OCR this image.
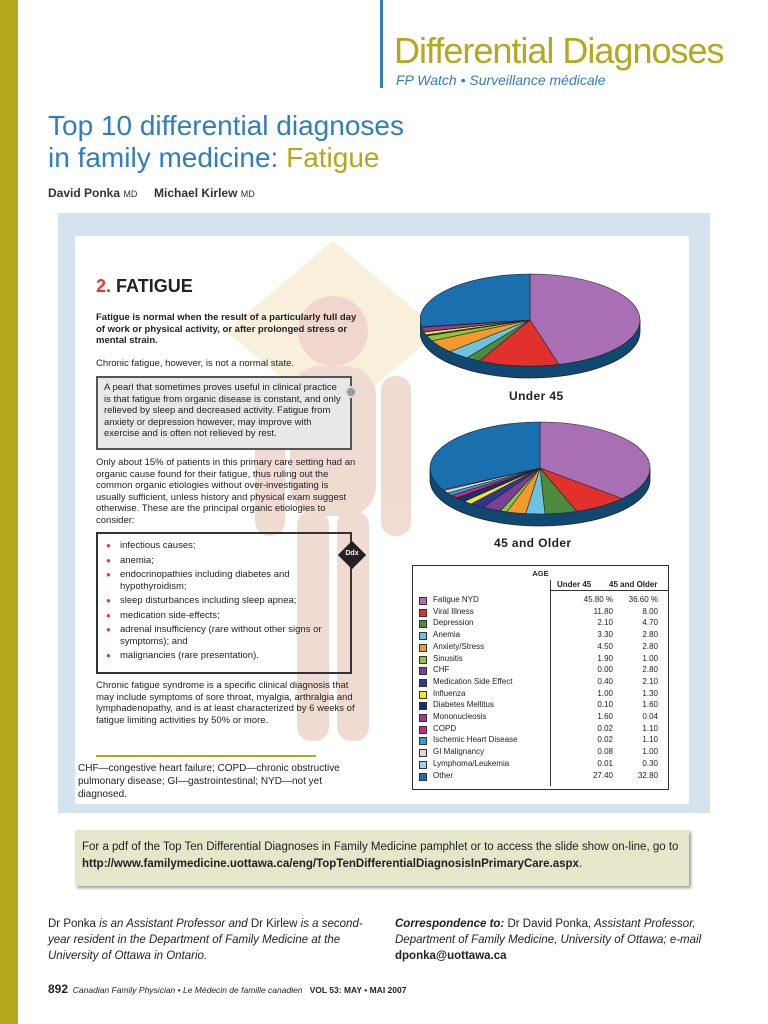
Differential Diagnoses
FP Watch • Surveillance médicale
Top 10 differential diagnoses
in family medicine: Fatigue
David Ponka MD Michael Kirlew MD
2. FATIGUE
Fatigue is normal when the result of a particularly full day of work or physical activity, or after prolonged stress or mental strain.
Chronic fatigue, however, is not a normal state.
A pearl that sometimes proves useful in clinical practice is that fatigue from organic disease is constant, and only relieved by sleep and decreased activity. Fatigue from anxiety or depression however, may improve with exercise and is often not relieved by rest.
Only about 15% of patients in this primary care setting had an organic cause found for their fatigue, thus ruling out the common organic etiologies without over-investigating is usually sufficient, unless history and physical exam suggest otherwise. These are the principal organic etiologies to consider:
● infectious causes;
● anemia;
● endocrinopathies including diabetes and hypothyroidism;
● sleep disturbances including sleep apnea;
● medication side-effects;
● adrenal insufficiency (rare without other signs or symptoms); and
● malignancies (rare presentation).
Ddx
Chronic fatigue syndrome is a specific clinical diagnosis that may include symptoms of sore throat, myalgia, arthralgia and lymphadenopathy, and is at least characterized by 6 weeks of fatigue limiting activities by 50% or more.
CHF—congestive heart failure; COPD—chronic obstructive pulmonary disease; GI—gastrointestinal; NYD—not yet diagnosed.
Under 45
45 and Older
AGE
Under 45 45 and Older
Fatigue NYD	45.80 %	36.60 %
Viral Illness	11.80	8.00
Depression	2.10	4.70
Anemia	3.30	2.80
Anxiety/Stress	4.50	2.80
Sinusitis	1.90	1.00
CHF	0.00	2.80
Medication Side Effect	0.40	2.10
Influenza	1.00	1.30
Diabetes Mellitus	0.10	1.60
Mononucleosis	1.60	0.04
COPD	0.02	1.10
Ischemic Heart Disease	0.02	1.10
GI Malignancy	0.08	1.00
Lymphoma/Leukemia	0.01	0.30
Other	27.40	32.80
For a pdf of the Top Ten Differential Diagnoses in Family Medicine pamphlet or to access the slide show on-line, go to http://www.familymedicine.uottawa.ca/eng/TopTenDifferentialDiagnosisInPrimaryCare.aspx.
Dr Ponka is an Assistant Professor and Dr Kirlew is a second-year resident in the Department of Family Medicine at the University of Ottawa in Ontario.
Correspondence to: Dr David Ponka, Assistant Professor, Department of Family Medicine, University of Ottawa; e-mail dponka@uottawa.ca
892 Canadian Family Physician • Le Médecin de famille canadien VOL 53: MAY • MAI 2007
